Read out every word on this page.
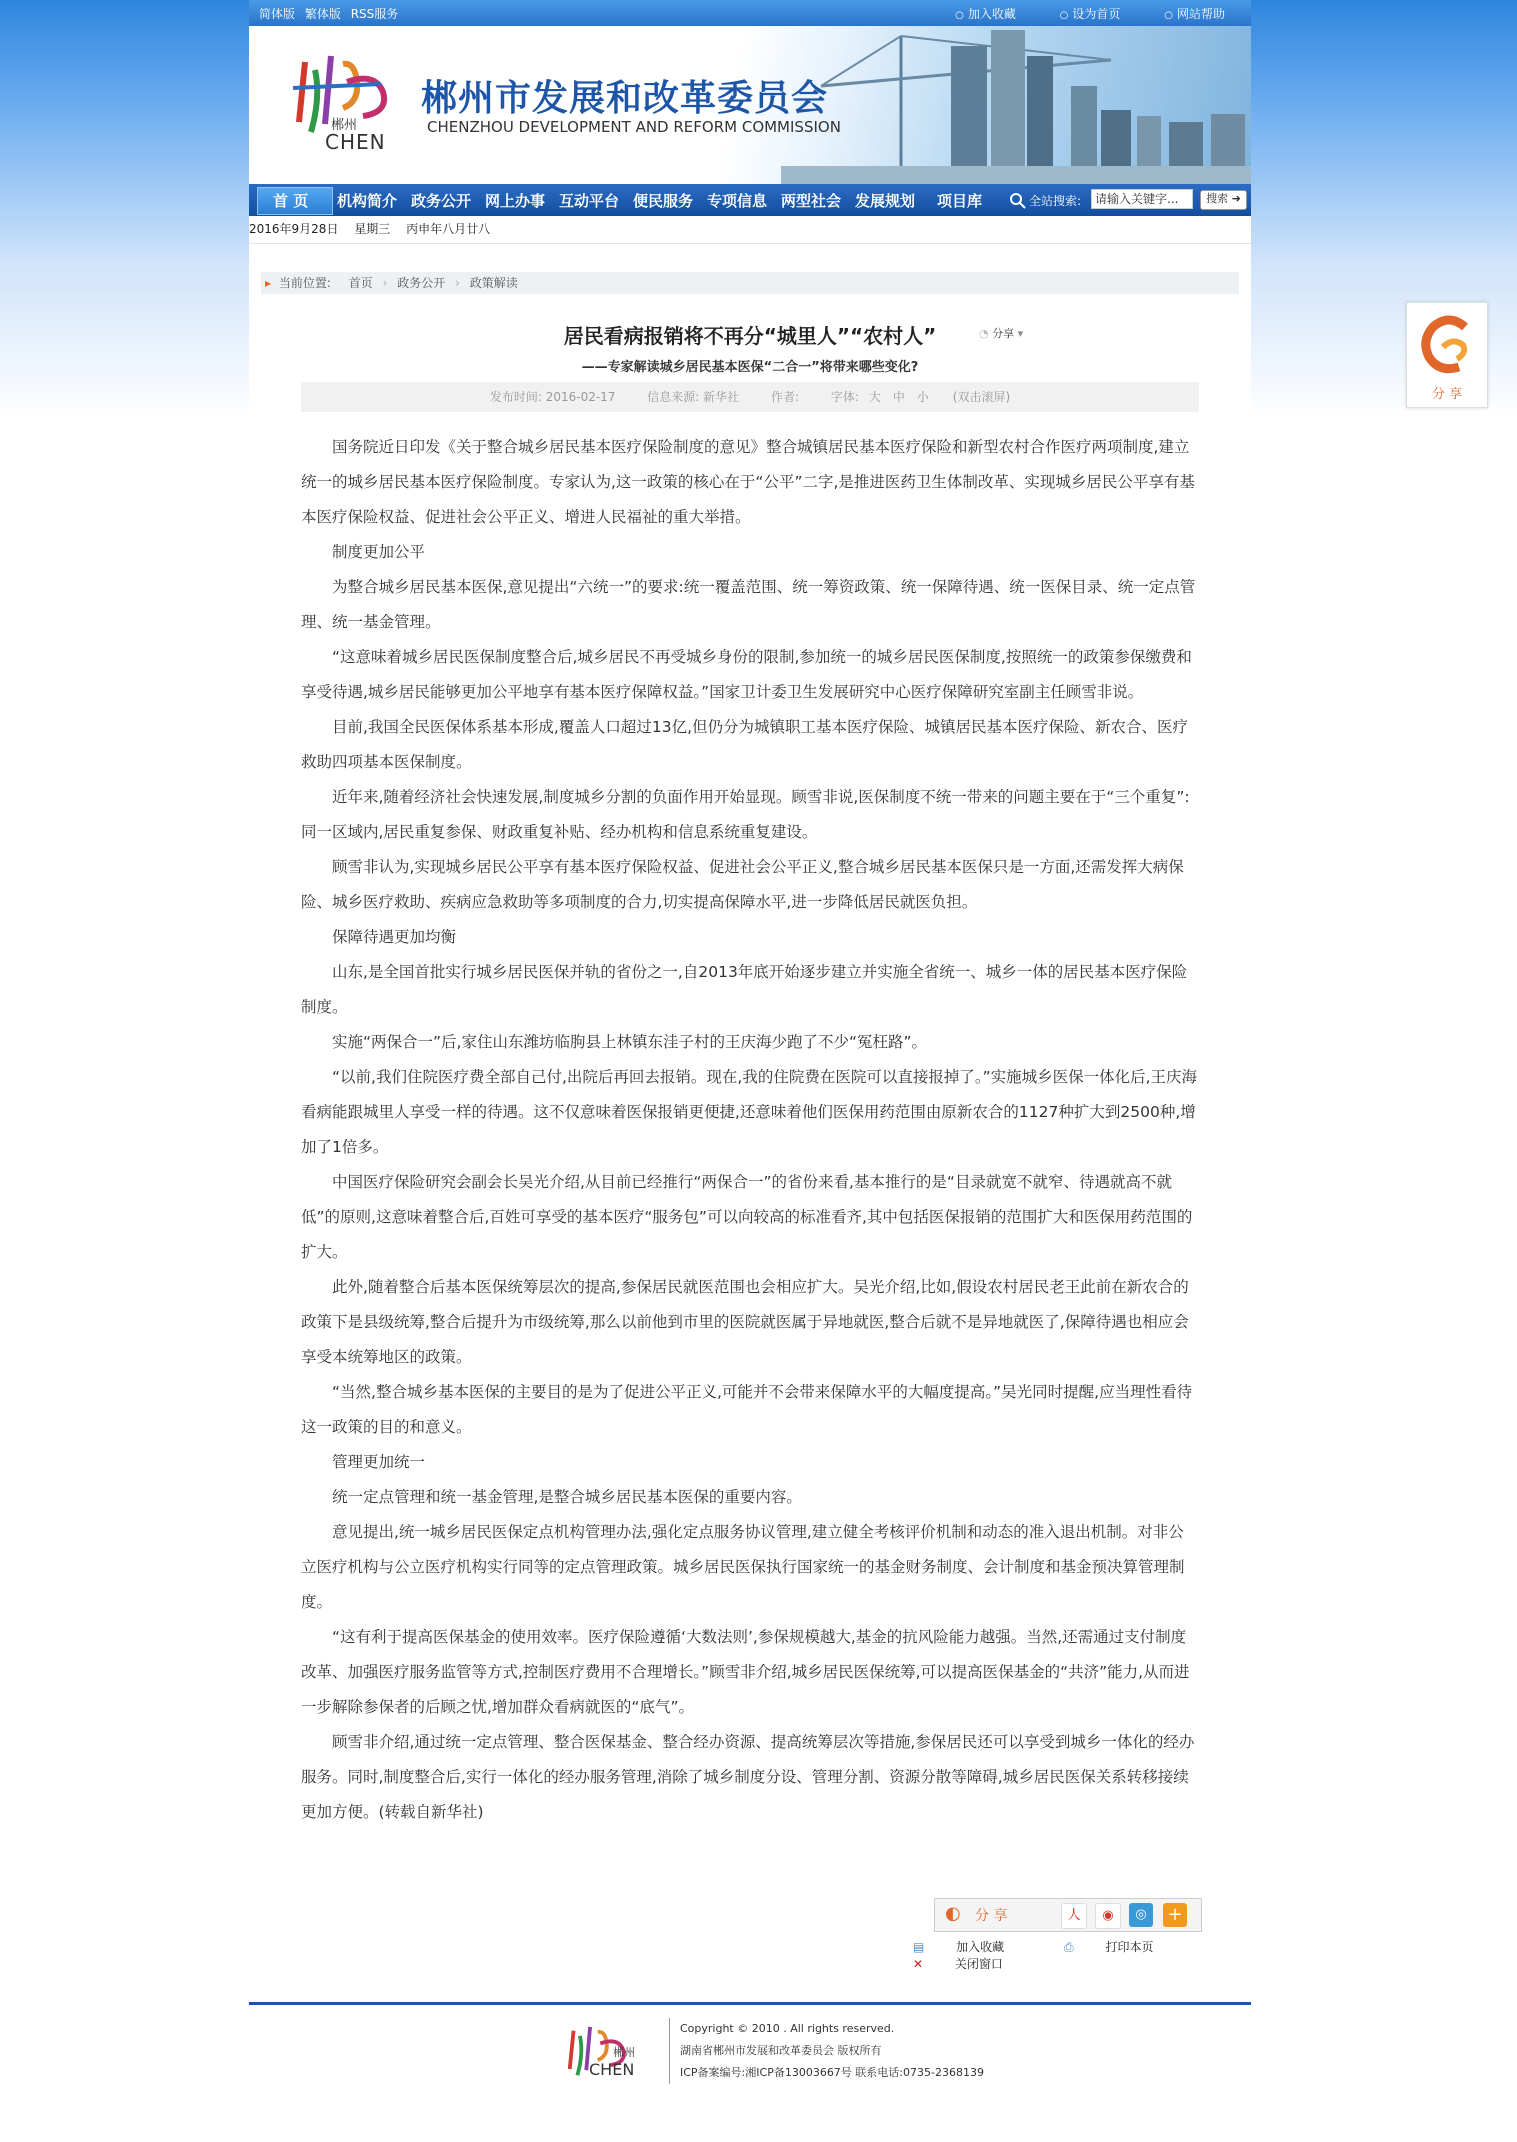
简体版 繁体版 RSS服务	○ 加入收藏	○ 设为首页	○ 网站帮助
郴州
CHEN
郴州市发展和改革委员会
CHENZHOU DEVELOPMENT AND REFORM COMMISSION
首 页 机构简介 政务公开 网上办事 互动平台 便民服务 专项信息 两型社会 发展规划 项目库	全站搜索:	请输入关键字...	搜索 ➜
2016年9月28日 星期三 丙申年八月廿八
▸ 当前位置: 首页 › 政务公开 › 政策解读
居民看病报销将不再分“城里人”“农村人”	◔ 分享 ▾
——专家解读城乡居民基本医保“二合一”将带来哪些变化?
发布时间: 2016-02-17	信息来源: 新华社	作者:	字体: 大 中 小 (双击滚屏)

国务院近日印发《关于整合城乡居民基本医疗保险制度的意见》整合城镇居民基本医疗保险和新型农村合作医疗两项制度,建立统一的城乡居民基本医疗保险制度。专家认为,这一政策的核心在于“公平”二字,是推进医药卫生体制改革、实现城乡居民公平享有基本医疗保险权益、促进社会公平正义、增进人民福祉的重大举措。

制度更加公平

为整合城乡居民基本医保,意见提出“六统一”的要求:统一覆盖范围、统一筹资政策、统一保障待遇、统一医保目录、统一定点管理、统一基金管理。

“这意味着城乡居民医保制度整合后,城乡居民不再受城乡身份的限制,参加统一的城乡居民医保制度,按照统一的政策参保缴费和享受待遇,城乡居民能够更加公平地享有基本医疗保障权益。”国家卫计委卫生发展研究中心医疗保障研究室副主任顾雪非说。

目前,我国全民医保体系基本形成,覆盖人口超过13亿,但仍分为城镇职工基本医疗保险、城镇居民基本医疗保险、新农合、医疗救助四项基本医保制度。

近年来,随着经济社会快速发展,制度城乡分割的负面作用开始显现。顾雪非说,医保制度不统一带来的问题主要在于“三个重复”:同一区域内,居民重复参保、财政重复补贴、经办机构和信息系统重复建设。

顾雪非认为,实现城乡居民公平享有基本医疗保险权益、促进社会公平正义,整合城乡居民基本医保只是一方面,还需发挥大病保险、城乡医疗救助、疾病应急救助等多项制度的合力,切实提高保障水平,进一步降低居民就医负担。

保障待遇更加均衡

山东,是全国首批实行城乡居民医保并轨的省份之一,自2013年底开始逐步建立并实施全省统一、城乡一体的居民基本医疗保险制度。

实施“两保合一”后,家住山东潍坊临朐县上林镇东洼子村的王庆海少跑了不少“冤枉路”。

“以前,我们住院医疗费全部自己付,出院后再回去报销。现在,我的住院费在医院可以直接报掉了。”实施城乡医保一体化后,王庆海看病能跟城里人享受一样的待遇。这不仅意味着医保报销更便捷,还意味着他们医保用药范围由原新农合的1127种扩大到2500种,增加了1倍多。

中国医疗保险研究会副会长吴光介绍,从目前已经推行“两保合一”的省份来看,基本推行的是“目录就宽不就窄、待遇就高不就低”的原则,这意味着整合后,百姓可享受的基本医疗“服务包”可以向较高的标准看齐,其中包括医保报销的范围扩大和医保用药范围的扩大。

此外,随着整合后基本医保统筹层次的提高,参保居民就医范围也会相应扩大。吴光介绍,比如,假设农村居民老王此前在新农合的政策下是县级统筹,整合后提升为市级统筹,那么以前他到市里的医院就医属于异地就医,整合后就不是异地就医了,保障待遇也相应会享受本统筹地区的政策。

“当然,整合城乡基本医保的主要目的是为了促进公平正义,可能并不会带来保障水平的大幅度提高。”吴光同时提醒,应当理性看待这一政策的目的和意义。

管理更加统一

统一定点管理和统一基金管理,是整合城乡居民基本医保的重要内容。

意见提出,统一城乡居民医保定点机构管理办法,强化定点服务协议管理,建立健全考核评价机制和动态的准入退出机制。对非公立医疗机构与公立医疗机构实行同等的定点管理政策。城乡居民医保执行国家统一的基金财务制度、会计制度和基金预决算管理制度。

“这有利于提高医保基金的使用效率。医疗保险遵循‘大数法则’,参保规模越大,基金的抗风险能力越强。当然,还需通过支付制度改革、加强医疗服务监管等方式,控制医疗费用不合理增长。”顾雪非介绍,城乡居民医保统筹,可以提高医保基金的“共济”能力,从而进一步解除参保者的后顾之忧,增加群众看病就医的“底气”。

顾雪非介绍,通过统一定点管理、整合医保基金、整合经办资源、提高统筹层次等措施,参保居民还可以享受到城乡一体化的经办服务。同时,制度整合后,实行一体化的经办服务管理,消除了城乡制度分设、管理分割、资源分散等障碍,城乡居民医保关系转移接续更加方便。(转载自新华社)

◐ 分 享	人	◉	◎	+
▤	加入收藏	⎙	打印本页 ✕	关闭窗口
郴州
CHEN
Copyright © 2010 . All rights reserved.
湖南省郴州市发展和改革委员会 版权所有
ICP备案编号:湘ICP备13003667号 联系电话:0735-2368139
分 享
